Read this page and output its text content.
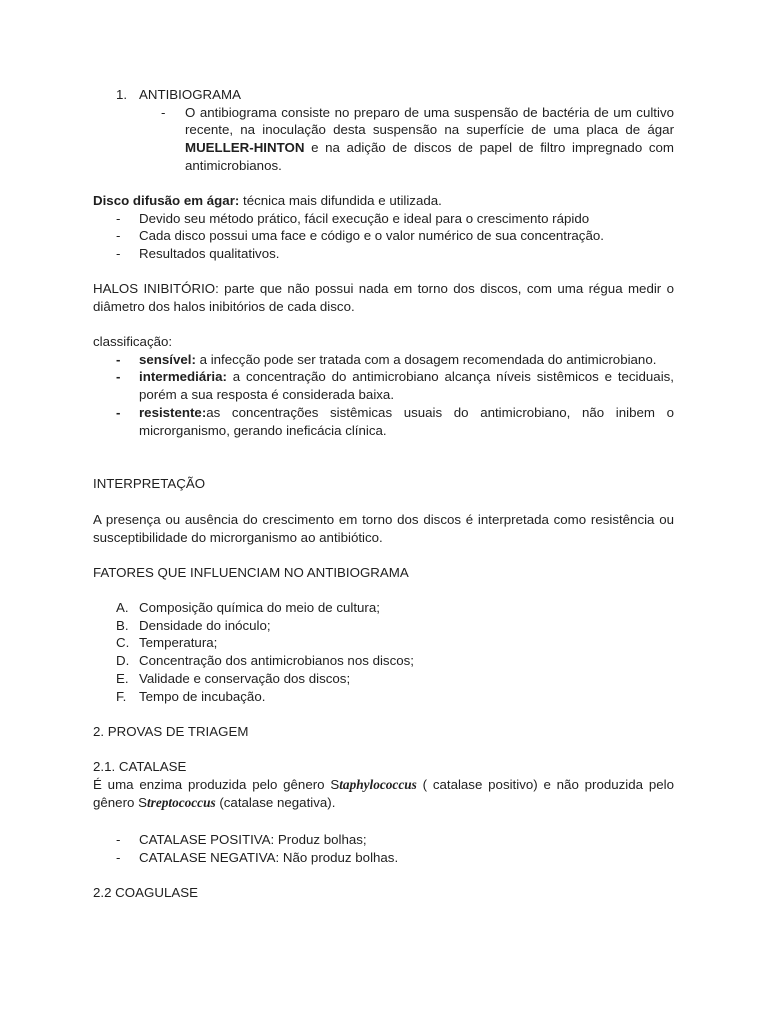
1. ANTIBIOGRAMA
- O antibiograma consiste no preparo de uma suspensão de bactéria de um cultivo recente, na inoculação desta suspensão na superfície de uma placa de ágar MUELLER-HINTON e na adição de discos de papel de filtro impregnado com antimicrobianos.
Disco difusão em ágar: técnica mais difundida e utilizada.
- Devido seu método prático, fácil execução e ideal para o crescimento rápido
- Cada disco possui uma face e código e o valor numérico de sua concentração.
- Resultados qualitativos.
HALOS INIBITÓRIO: parte que não possui nada em torno dos discos, com uma régua medir o diâmetro dos halos inibitórios de cada disco.
classificação:
- sensível: a infecção pode ser tratada com a dosagem recomendada do antimicrobiano.
- intermediária: a concentração do antimicrobiano alcança níveis sistêmicos e teciduais, porém a sua resposta é considerada baixa.
- resistente:as concentrações sistêmicas usuais do antimicrobiano, não inibem o microrganismo, gerando ineficácia clínica.
INTERPRETAÇÃO
A presença ou ausência do crescimento em torno dos discos é interpretada como resistência ou susceptibilidade do microrganismo ao antibiótico.
FATORES QUE INFLUENCIAM NO ANTIBIOGRAMA
A. Composição química do meio de cultura;
B. Densidade do inóculo;
C. Temperatura;
D. Concentração dos antimicrobianos nos discos;
E. Validade e conservação dos discos;
F. Tempo de incubação.
2. PROVAS DE TRIAGEM
2.1. CATALASE
É uma enzima produzida pelo gênero Staphylococcus ( catalase positivo) e não produzida pelo gênero Streptococcus (catalase negativa).
- CATALASE POSITIVA: Produz bolhas;
- CATALASE NEGATIVA: Não produz bolhas.
2.2 COAGULASE
